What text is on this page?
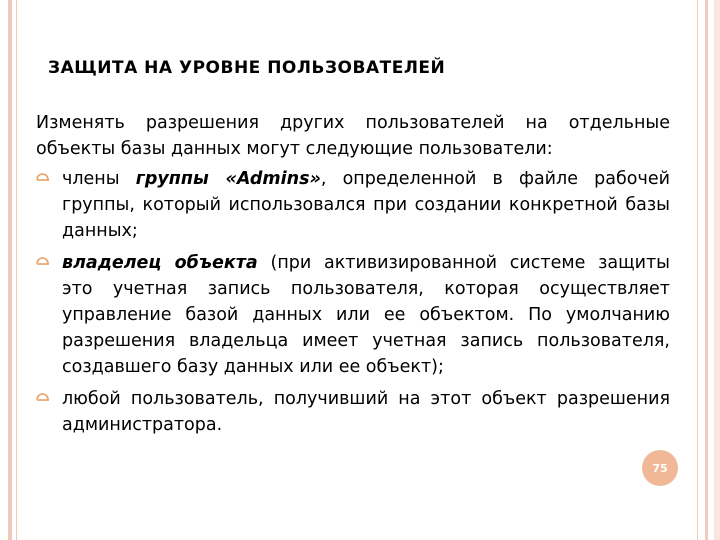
ЗАЩИТА НА УРОВНЕ ПОЛЬЗОВАТЕЛЕЙ

Изменять разрешения других пользователей на отдельные объекты базы данных могут следующие пользователи:

члены группы «Admins», определенной в файле рабочей группы, который использовался при создании конкретной базы данных;
владелец объекта (при активизированной системе защиты это учетная запись пользователя, которая осуществляет управление базой данных или ее объектом. По умолчанию разрешения владельца имеет учетная запись пользователя, создавшего базу данных или ее объект);
любой пользователь, получивший на этот объект разрешения администратора.
75
